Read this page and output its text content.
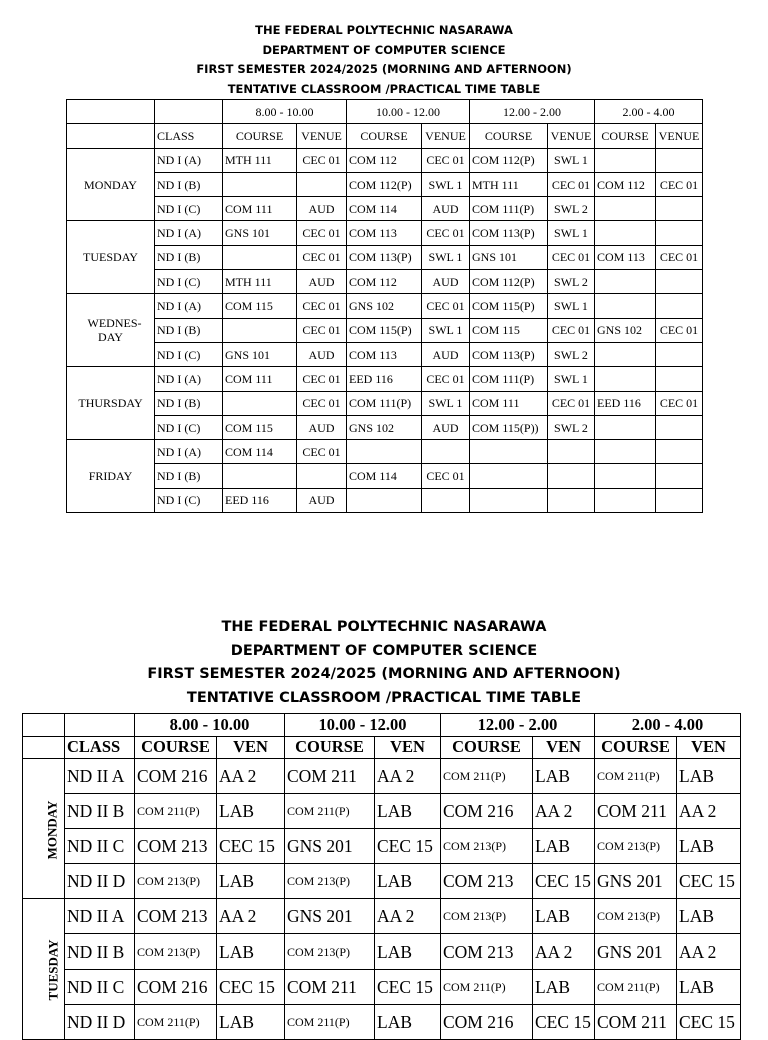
THE FEDERAL POLYTECHNIC NASARAWA
DEPARTMENT OF COMPUTER SCIENCE
FIRST SEMESTER 2024/2025 (MORNING AND AFTERNOON)
TENTATIVE CLASSROOM /PRACTICAL TIME TABLE
		8.00 - 10.00		10.00 - 12.00		12.00 - 2.00		2.00 - 4.00	
	CLASS	COURSE	VENUE	COURSE	VENUE	COURSE	VENUE	COURSE	VENUE

MONDAY	ND I (A)	MTH 111	CEC 01	COM 112	CEC 01	COM 112(P)	SWL 1		
	ND I (B)			COM 112(P)	SWL 1	MTH 111	CEC 01	COM 112	CEC 01
	ND I (C)	COM 111	AUD	COM 114	AUD	COM 111(P)	SWL 2		

TUESDAY	ND I (A)	GNS 101	CEC 01	COM 113	CEC 01	COM 113(P)	SWL 1		
	ND I (B)		CEC 01	COM 113(P)	SWL 1	GNS 101	CEC 01	COM 113	CEC 01
	ND I (C)	MTH 111	AUD	COM 112	AUD	COM 112(P)	SWL 2		

WEDNES-DAY	ND I (A)	COM 115	CEC 01	GNS 102	CEC 01	COM 115(P)	SWL 1		
	ND I (B)		CEC 01	COM 115(P)	SWL 1	COM 115	CEC 01	GNS 102	CEC 01
	ND I (C)	GNS 101	AUD	COM 113	AUD	COM 113(P)	SWL 2		

THURSDAY	ND I (A)	COM 111	CEC 01	EED 116	CEC 01	COM 111(P)	SWL 1		
	ND I (B)		CEC 01	COM 111(P)	SWL 1	COM 111	CEC 01	EED 116	CEC 01
	ND I (C)	COM 115	AUD	GNS 102	AUD	COM 115(P))	SWL 2		

FRIDAY	ND I (A)	COM 114	CEC 01						
	ND I (B)			COM 114	CEC 01				
	ND I (C)	EED 116	AUD						
THE FEDERAL POLYTECHNIC NASARAWA
DEPARTMENT OF COMPUTER SCIENCE
FIRST SEMESTER 2024/2025 (MORNING AND AFTERNOON)
TENTATIVE CLASSROOM /PRACTICAL TIME TABLE
		8.00 - 10.00		10.00 - 12.00		12.00 - 2.00		2.00 - 4.00	
	CLASS	COURSE	VEN	COURSE	VEN	COURSE	VEN	COURSE	VEN
MONDAY	ND II A	COM 216	AA 2	COM 211	AA 2	COM 211(P)	LAB	COM 211(P)	LAB
	ND II B	COM 211(P)	LAB	COM 211(P)	LAB	COM 216	AA 2	COM 211	AA 2
	ND II C	COM 213	CEC 15	GNS 201	CEC 15	COM 213(P)	LAB	COM 213(P)	LAB
	ND II D	COM 213(P)	LAB	COM 213(P)	LAB	COM 213	CEC 15	GNS 201	CEC 15
TUESDAY	ND II A	COM 213	AA 2	GNS 201	AA 2	COM 213(P)	LAB	COM 213(P)	LAB
	ND II B	COM 213(P)	LAB	COM 213(P)	LAB	COM 213	AA 2	GNS 201	AA 2
	ND II C	COM 216	CEC 15	COM 211	CEC 15	COM 211(P)	LAB	COM 211(P)	LAB
	ND II D	COM 211(P)	LAB	COM 211(P)	LAB	COM 216	CEC 15	COM 211	CEC 15
